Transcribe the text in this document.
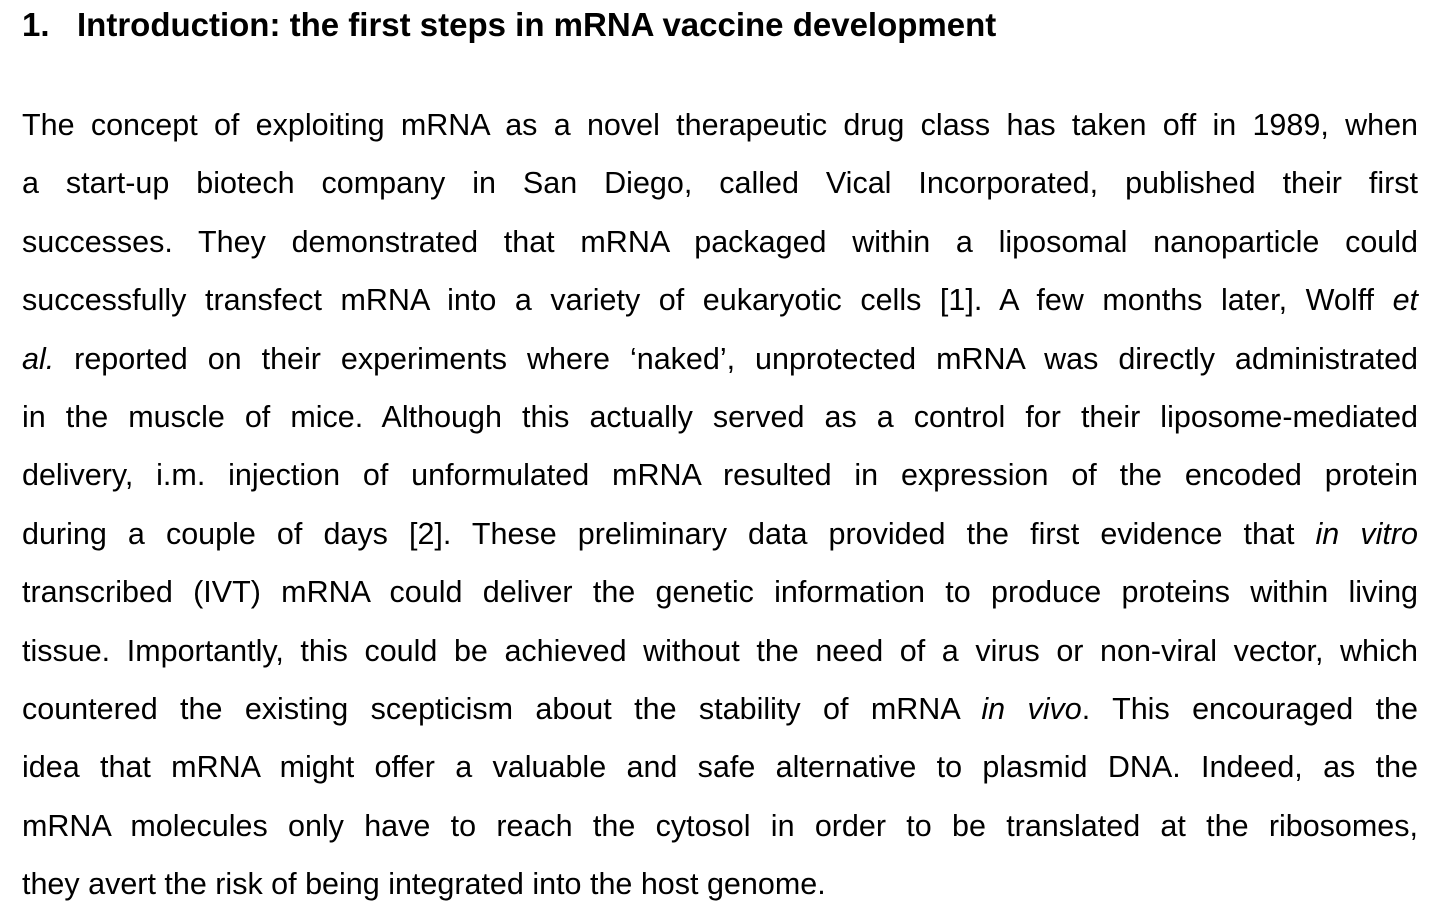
1. Introduction: the first steps in mRNA vaccine development
The concept of exploiting mRNA as a novel therapeutic drug class has taken off in 1989, when
a start-up biotech company in San Diego, called Vical Incorporated, published their first
successes. They demonstrated that mRNA packaged within a liposomal nanoparticle could
successfully transfect mRNA into a variety of eukaryotic cells [1]. A few months later, Wolff et
al. reported on their experiments where ‘naked’, unprotected mRNA was directly administrated
in the muscle of mice. Although this actually served as a control for their liposome-mediated
delivery, i.m. injection of unformulated mRNA resulted in expression of the encoded protein
during a couple of days [2]. These preliminary data provided the first evidence that in vitro
transcribed (IVT) mRNA could deliver the genetic information to produce proteins within living
tissue. Importantly, this could be achieved without the need of a virus or non-viral vector, which
countered the existing scepticism about the stability of mRNA in vivo. This encouraged the
idea that mRNA might offer a valuable and safe alternative to plasmid DNA. Indeed, as the
mRNA molecules only have to reach the cytosol in order to be translated at the ribosomes,
they avert the risk of being integrated into the host genome.
